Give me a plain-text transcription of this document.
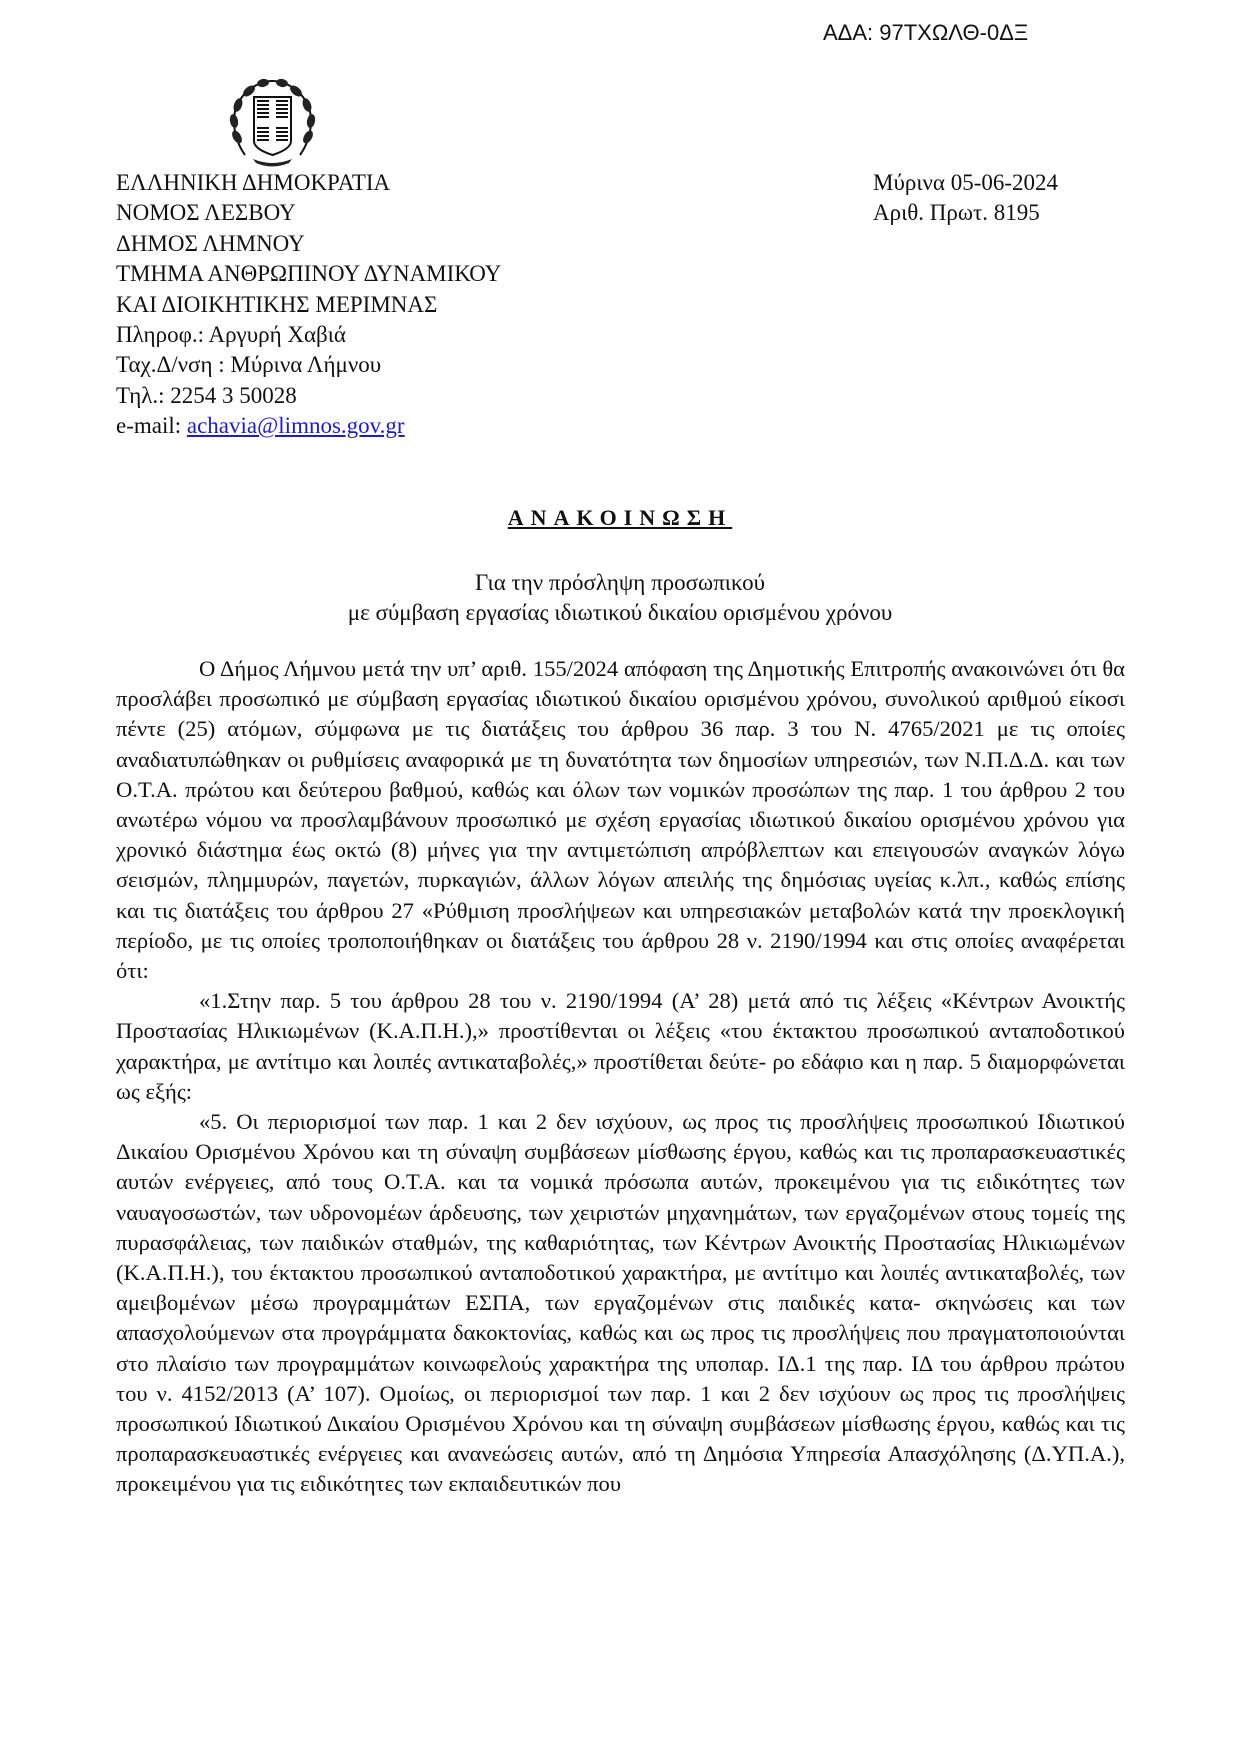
ΑΔΑ: 97ΤΧΩΛΘ-0ΔΞ
ΕΛΛΗΝΙΚΗ ΔΗΜΟΚΡΑΤΙΑ
ΝΟΜΟΣ ΛΕΣΒΟΥ
ΔΗΜΟΣ ΛΗΜΝΟΥ
ΤΜΗΜΑ ΑΝΘΡΩΠΙΝΟΥ ΔΥΝΑΜΙΚΟΥ
ΚΑΙ ΔΙΟΙΚΗΤΙΚΗΣ ΜΕΡΙΜΝΑΣ
Πληροφ.: Αργυρή Χαβιά
Ταχ.Δ/νση : Μύρινα Λήμνου
Τηλ.: 2254 3 50028
e-mail: achavia@limnos.gov.gr
Μύρινα 05-06-2024
Αριθ. Πρωτ. 8195
ΑΝΑΚΟΙΝΩΣΗ
Για την πρόσληψη προσωπικού
με σύμβαση εργασίας ιδιωτικού δικαίου ορισμένου χρόνου

Ο Δήμος Λήμνου μετά την υπ’ αριθ. 155/2024 απόφαση της Δημοτικής Επιτροπής ανακοινώνει ότι θα προσλάβει προσωπικό με σύμβαση εργασίας ιδιωτικού δικαίου ορισμένου χρόνου, συνολικού αριθμού είκοσι πέντε (25) ατόμων, σύμφωνα με τις διατάξεις του άρθρου 36 παρ. 3 του Ν. 4765/2021 με τις οποίες αναδιατυπώθηκαν οι ρυθμίσεις αναφορικά με τη δυνατότητα των δημοσίων υπηρεσιών, των Ν.Π.Δ.Δ. και των Ο.Τ.Α. πρώτου και δεύτερου βαθμού, καθώς και όλων των νομικών προσώπων της παρ. 1 του άρθρου 2 του ανωτέρω νόμου να προσλαμβάνουν προσωπικό με σχέση εργασίας ιδιωτικού δικαίου ορισμένου χρόνου για χρονικό διάστημα έως οκτώ (8) μήνες για την αντιμετώπιση απρόβλεπτων και επειγουσών αναγκών λόγω σεισμών, πλημμυρών, παγετών, πυρκαγιών, άλλων λόγων απειλής της δημόσιας υγείας κ.λπ., καθώς επίσης και τις διατάξεις του άρθρου 27 «Ρύθμιση προσλήψεων και υπηρεσιακών μεταβολών κατά την προεκλογική περίοδο, με τις οποίες τροποποιήθηκαν οι διατάξεις του άρθρου 28 ν. 2190/1994 και στις οποίες αναφέρεται ότι:

«1.Στην παρ. 5 του άρθρου 28 του ν. 2190/1994 (Α’ 28) μετά από τις λέξεις «Κέντρων Ανοικτής Προστασίας Ηλικιωμένων (Κ.Α.Π.Η.),» προστίθενται οι λέξεις «του έκτακτου προσωπικού ανταποδοτικού χαρακτήρα, με αντίτιμο και λοιπές αντικαταβολές,» προστίθεται δεύτε- ρο εδάφιο και η παρ. 5 διαμορφώνεται ως εξής:

«5. Οι περιορισμοί των παρ. 1 και 2 δεν ισχύουν, ως προς τις προσλήψεις προσωπικού Ιδιωτικού Δικαίου Ορισμένου Χρόνου και τη σύναψη συμβάσεων μίσθωσης έργου, καθώς και τις προπαρασκευαστικές αυτών ενέργειες, από τους Ο.Τ.Α. και τα νομικά πρόσωπα αυτών, προκειμένου για τις ειδικότητες των ναυαγοσωστών, των υδρονομέων άρδευσης, των χειριστών μηχανημάτων, των εργαζομένων στους τομείς της πυρασφάλειας, των παιδικών σταθμών, της καθαριότητας, των Κέντρων Ανοικτής Προστασίας Ηλικιωμένων (Κ.Α.Π.Η.), του έκτακτου προσωπικού ανταποδοτικού χαρακτήρα, με αντίτιμο και λοιπές αντικαταβολές, των αμειβομένων μέσω προγραμμάτων ΕΣΠΑ, των εργαζομένων στις παιδικές κατα- σκηνώσεις και των απασχολούμενων στα προγράμματα δακοκτονίας, καθώς και ως προς τις προσλήψεις που πραγματοποιούνται στο πλαίσιο των προγραμμάτων κοινωφελούς χαρακτήρα της υποπαρ. ΙΔ.1 της παρ. ΙΔ του άρθρου πρώτου του ν. 4152/2013 (Α’ 107). Ομοίως, οι περιορισμοί των παρ. 1 και 2 δεν ισχύουν ως προς τις προσλήψεις προσωπικού Ιδιωτικού Δικαίου Ορισμένου Χρόνου και τη σύναψη συμβάσεων μίσθωσης έργου, καθώς και τις προπαρασκευαστικές ενέργειες και ανανεώσεις αυτών, από τη Δημόσια Υπηρεσία Απασχόλησης (Δ.ΥΠ.Α.), προκειμένου για τις ειδικότητες των εκπαιδευτικών που
